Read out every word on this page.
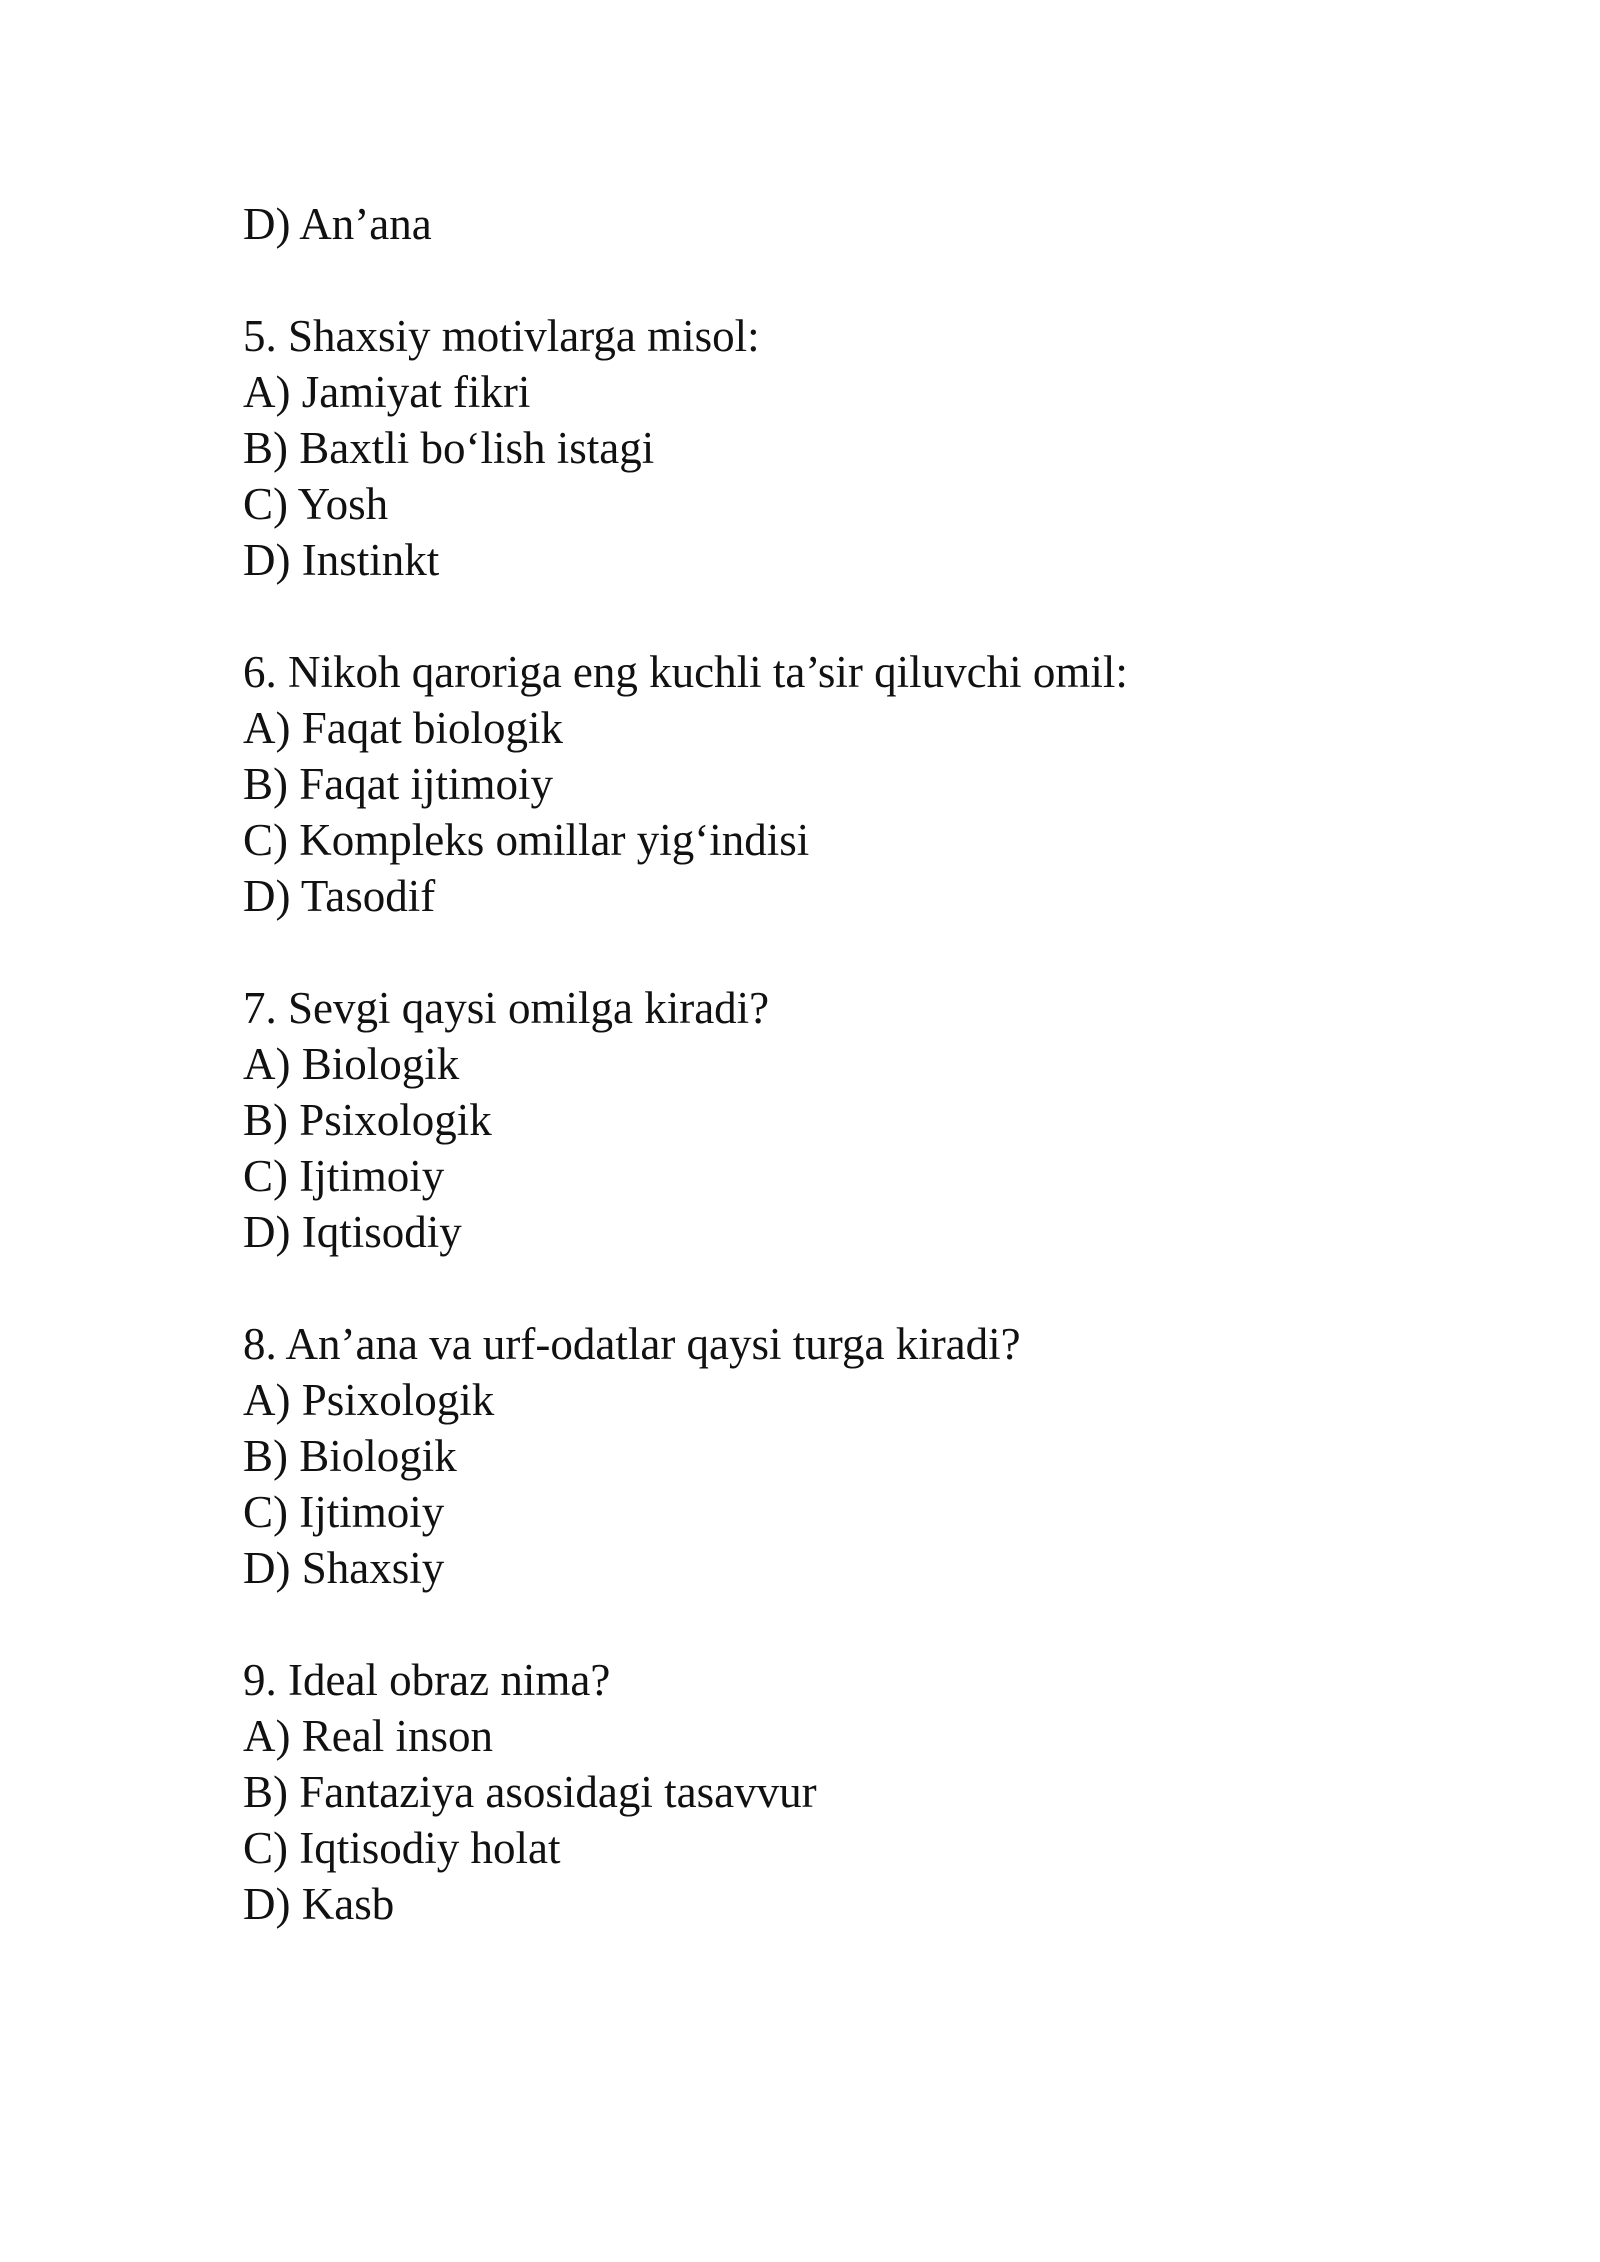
D) An’ana
5. Shaxsiy motivlarga misol:
A) Jamiyat fikri
B) Baxtli bo‘lish istagi
C) Yosh
D) Instinkt
6. Nikoh qaroriga eng kuchli ta’sir qiluvchi omil:
A) Faqat biologik
B) Faqat ijtimoiy
C) Kompleks omillar yig‘indisi
D) Tasodif
7. Sevgi qaysi omilga kiradi?
A) Biologik
B) Psixologik
C) Ijtimoiy
D) Iqtisodiy
8. An’ana va urf-odatlar qaysi turga kiradi?
A) Psixologik
B) Biologik
C) Ijtimoiy
D) Shaxsiy
9. Ideal obraz nima?
A) Real inson
B) Fantaziya asosidagi tasavvur
C) Iqtisodiy holat
D) Kasb
